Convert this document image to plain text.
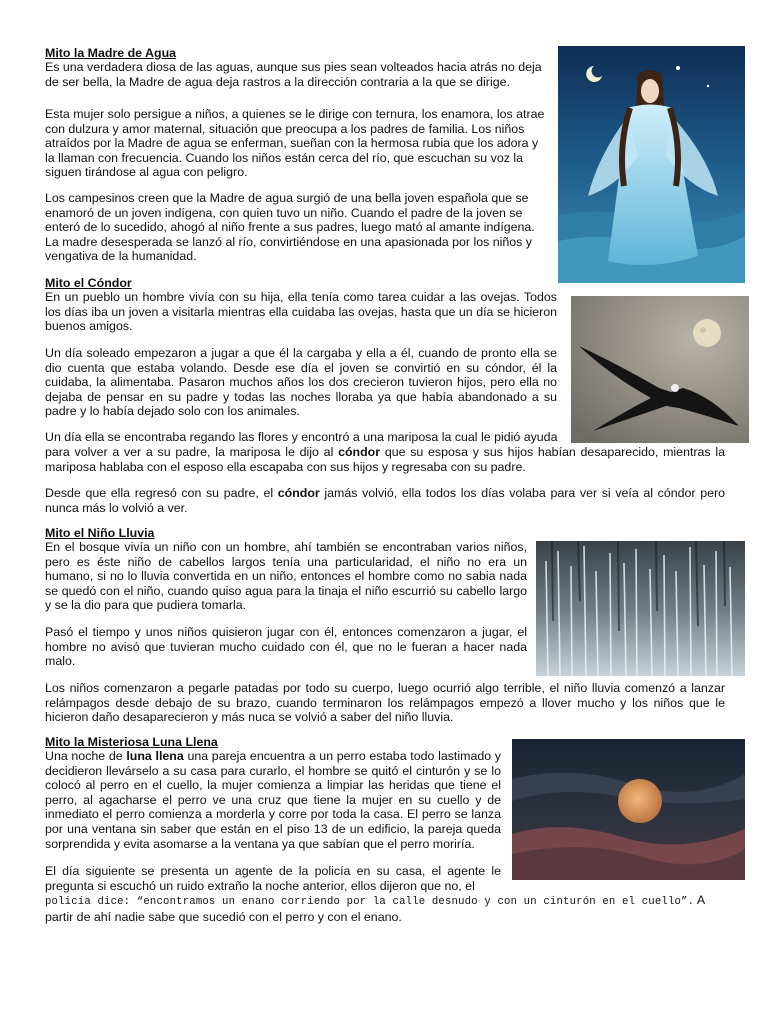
Mito la Madre de Agua

Es una verdadera diosa de las aguas, aunque sus pies sean volteados hacia atrás no deja de ser bella, la Madre de agua deja rastros a la dirección contraria a la que se dirige.

Esta mujer solo persigue a niños, a quienes se le dirige con ternura, los enamora, los atrae con dulzura y amor maternal, situación que preocupa a los padres de familia. Los niños atraídos por la Madre de agua se enferman, sueñan con la hermosa rubia que los adora y la llaman con frecuencia. Cuando los niños están cerca del río, que escuchan su voz la siguen tirándose al agua con peligro.

Los campesinos creen que la Madre de agua surgió de una bella joven española que se enamoró de un joven indígena, con quien tuvo un niño. Cuando el padre de la joven se enteró de lo sucedido, ahogó al niño frente a sus padres, luego mató al amante indígena. La madre desesperada se lanzó al río, convirtiéndose en una apasionada por los niños y vengativa de la humanidad.

Mito el Cóndor

En un pueblo un hombre vivía con su hija, ella tenía como tarea cuidar a las ovejas. Todos los días iba un joven a visitarla mientras ella cuidaba las ovejas, hasta que un día se hicieron buenos amigos.

Un día soleado empezaron a jugar a que él la cargaba y ella a él, cuando de pronto ella se dio cuenta que estaba volando. Desde ese día el joven se convirtió en su cóndor, él la cuidaba, la alimentaba. Pasaron muchos años los dos crecieron tuvieron hijos, pero ella no dejaba de pensar en su padre y todas las noches lloraba ya que había abandonado a su padre y lo había dejado solo con los animales.

Un día ella se encontraba regando las flores y encontró a una mariposa la cual le pidió ayuda

para volver a ver a su padre, la mariposa le dijo al cóndor que su esposa y sus hijos habían desaparecido, mientras la mariposa hablaba con el esposo ella escapaba con sus hijos y regresaba con su padre.

Desde que ella regresó con su padre, el cóndor jamás volvió, ella todos los días volaba para ver si veía al cóndor pero nunca más lo volvió a ver.

Mito el Niño Lluvia

En el bosque vivía un niño con un hombre, ahí también se encontraban varios niños, pero es éste niño de cabellos largos tenía una particularidad, el niño no era un humano, si no lo lluvia convertida en un niño, entonces el hombre como no sabia nada se quedó con el niño, cuando quiso agua para la tinaja el niño escurrió su cabello largo y se la dio para que pudiera tomarla.

Pasó el tiempo y unos niños quisieron jugar con él, entonces comenzaron a jugar, el hombre no avisó que tuvieran mucho cuidado con él, que no le fueran a hacer nada malo.

Los niños comenzaron a pegarle patadas por todo su cuerpo, luego ocurrió algo terrible, el niño lluvia comenzó a lanzar relámpagos desde debajo de su brazo, cuando terminaron los relámpagos empezó a llover mucho y los niños que le hicieron daño desaparecieron y más nuca se volvió a saber del niño lluvia.

Mito la Misteriosa Luna Llena

Una noche de luna llena una pareja encuentra a un perro estaba todo lastimado y decidieron llevárselo a su casa para curarlo, el hombre se quitó el cinturón y se lo colocó al perro en el cuello, la mujer comienza a limpiar las heridas que tiene el perro, al agacharse el perro ve una cruz que tiene la mujer en su cuello y de inmediato el perro comienza a morderla y corre por toda la casa. El perro se lanza por una ventana sin saber que están en el piso 13 de un edificio, la pareja queda sorprendida y evita asomarse a la ventana ya que sabían que el perro moriría.

El día siguiente se presenta un agente de la policía en su casa, el agente le pregunta si escuchó un ruido extraño la noche anterior, ellos dijeron que no, el

policía dice: “encontramos un enano corriendo por la calle desnudo y con un cinturón en el cuello”. A partir de ahí nadie sabe que sucedió con el perro y con el enano.
